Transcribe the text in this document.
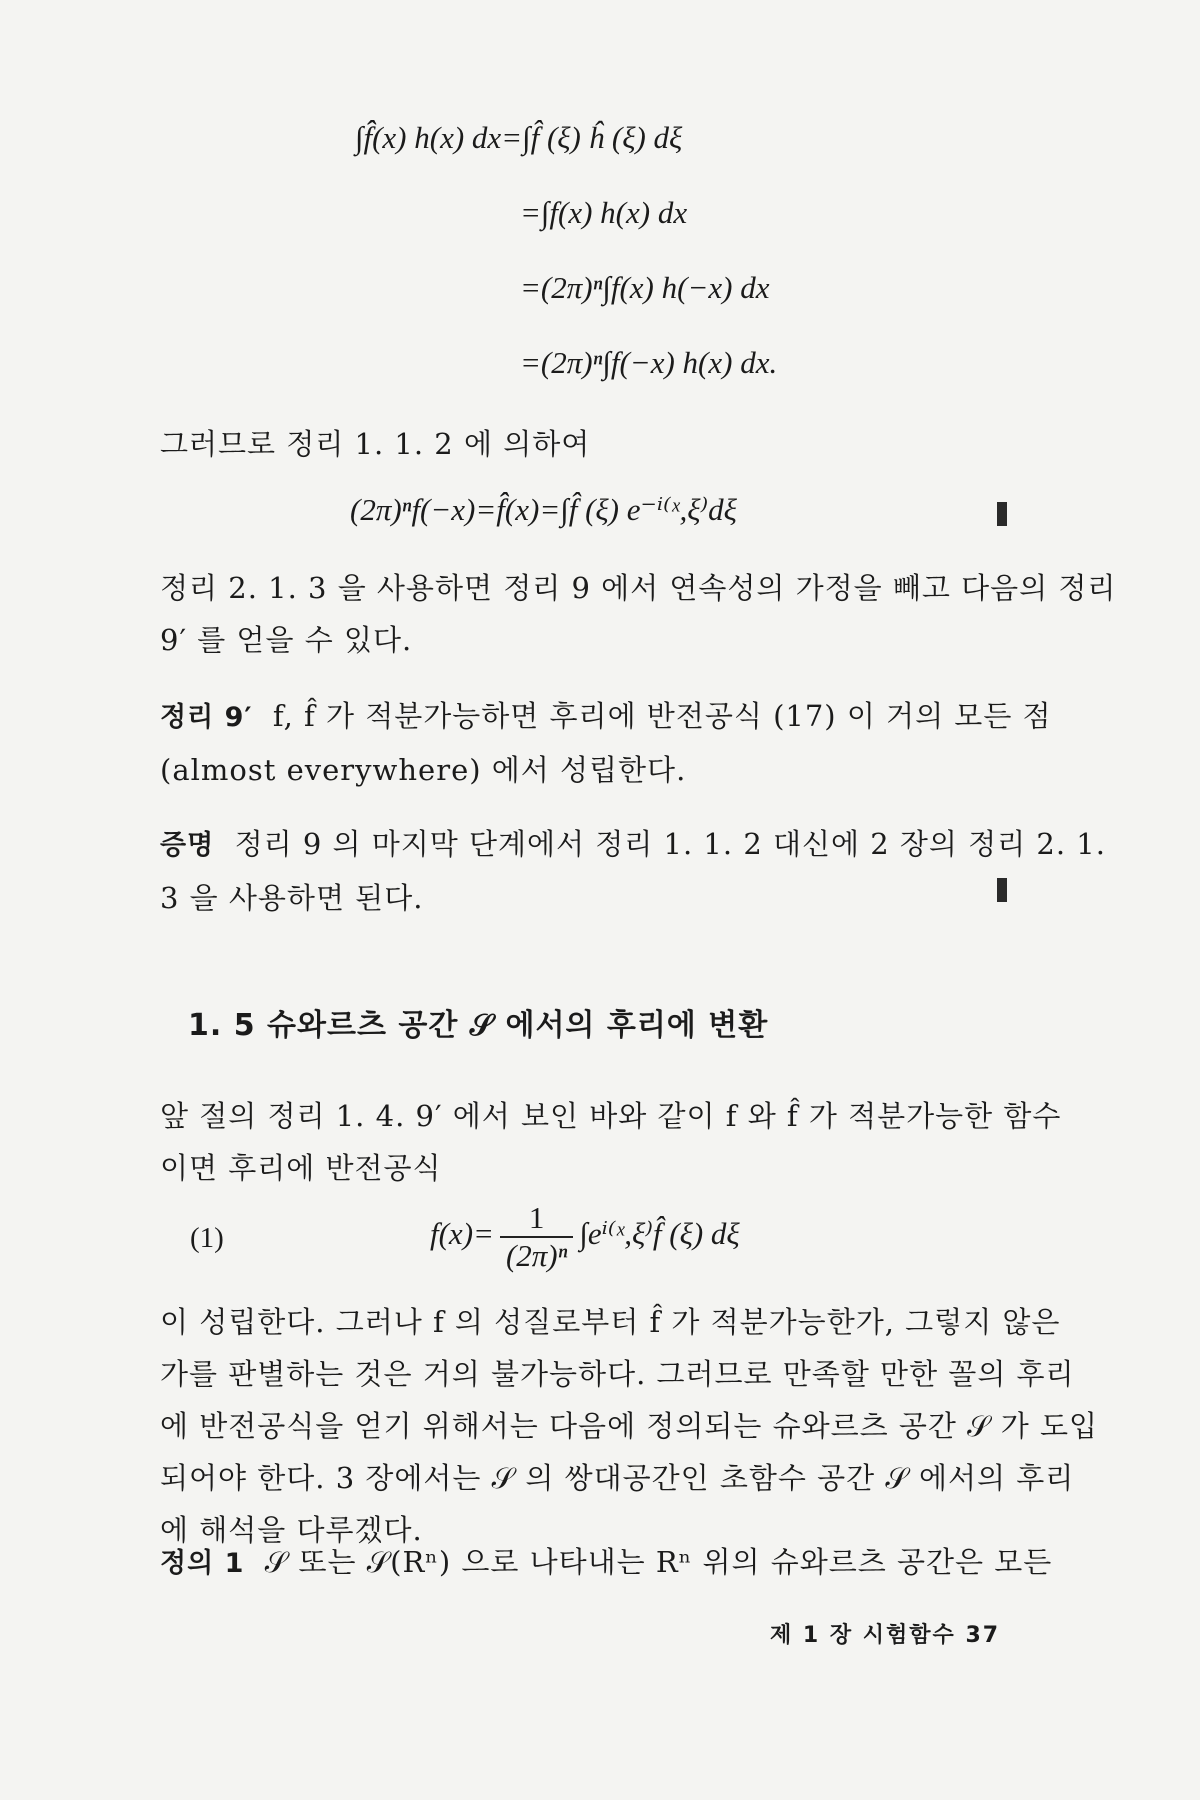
∫f̂̂(x) h(x) dx=∫f̂ (ξ) ĥ (ξ) dξ
=∫f(x) h(x) dx
=(2π)ⁿ∫f(x) h(−x) dx
=(2π)ⁿ∫f(−x) h(x) dx.
그러므로 정리 1. 1. 2 에 의하여
(2π)ⁿf(−x)=f̂̂(x)=∫f̂ (ξ) e⁻ⁱ⁽ˣ,ξ⁾dξ
정리 2. 1. 3 을 사용하면 정리 9 에서 연속성의 가정을 빼고 다음의 정리
9′ 를 얻을 수 있다.
정리 9′ f, f̂ 가 적분가능하면 후리에 반전공식 (17) 이 거의 모든 점
(almost everywhere) 에서 성립한다.
증명 정리 9 의 마지막 단계에서 정리 1. 1. 2 대신에 2 장의 정리 2. 1.
3 을 사용하면 된다.
1. 5 슈와르츠 공간 𝒮 에서의 후리에 변환
앞 절의 정리 1. 4. 9′ 에서 보인 바와 같이 f 와 f̂ 가 적분가능한 함수
이면 후리에 반전공식
(1)	$f(x)= \frac{1}{\text{(2π)ⁿ}}$ ∫eⁱ⁽ˣ,ξ⁾f̂ (ξ) dξ
이 성립한다. 그러나 f 의 성질로부터 f̂ 가 적분가능한가, 그렇지 않은
가를 판별하는 것은 거의 불가능하다. 그러므로 만족할 만한 꼴의 후리
에 반전공식을 얻기 위해서는 다음에 정의되는 슈와르츠 공간 𝒮 가 도입
되어야 한다. 3 장에서는 𝒮 의 쌍대공간인 초함수 공간 𝒮 에서의 후리
에 해석을 다루겠다.
정의 1 𝒮 또는 𝒮(Rⁿ) 으로 나타내는 Rⁿ 위의 슈와르츠 공간은 모든
제 1 장 시험함수 37
